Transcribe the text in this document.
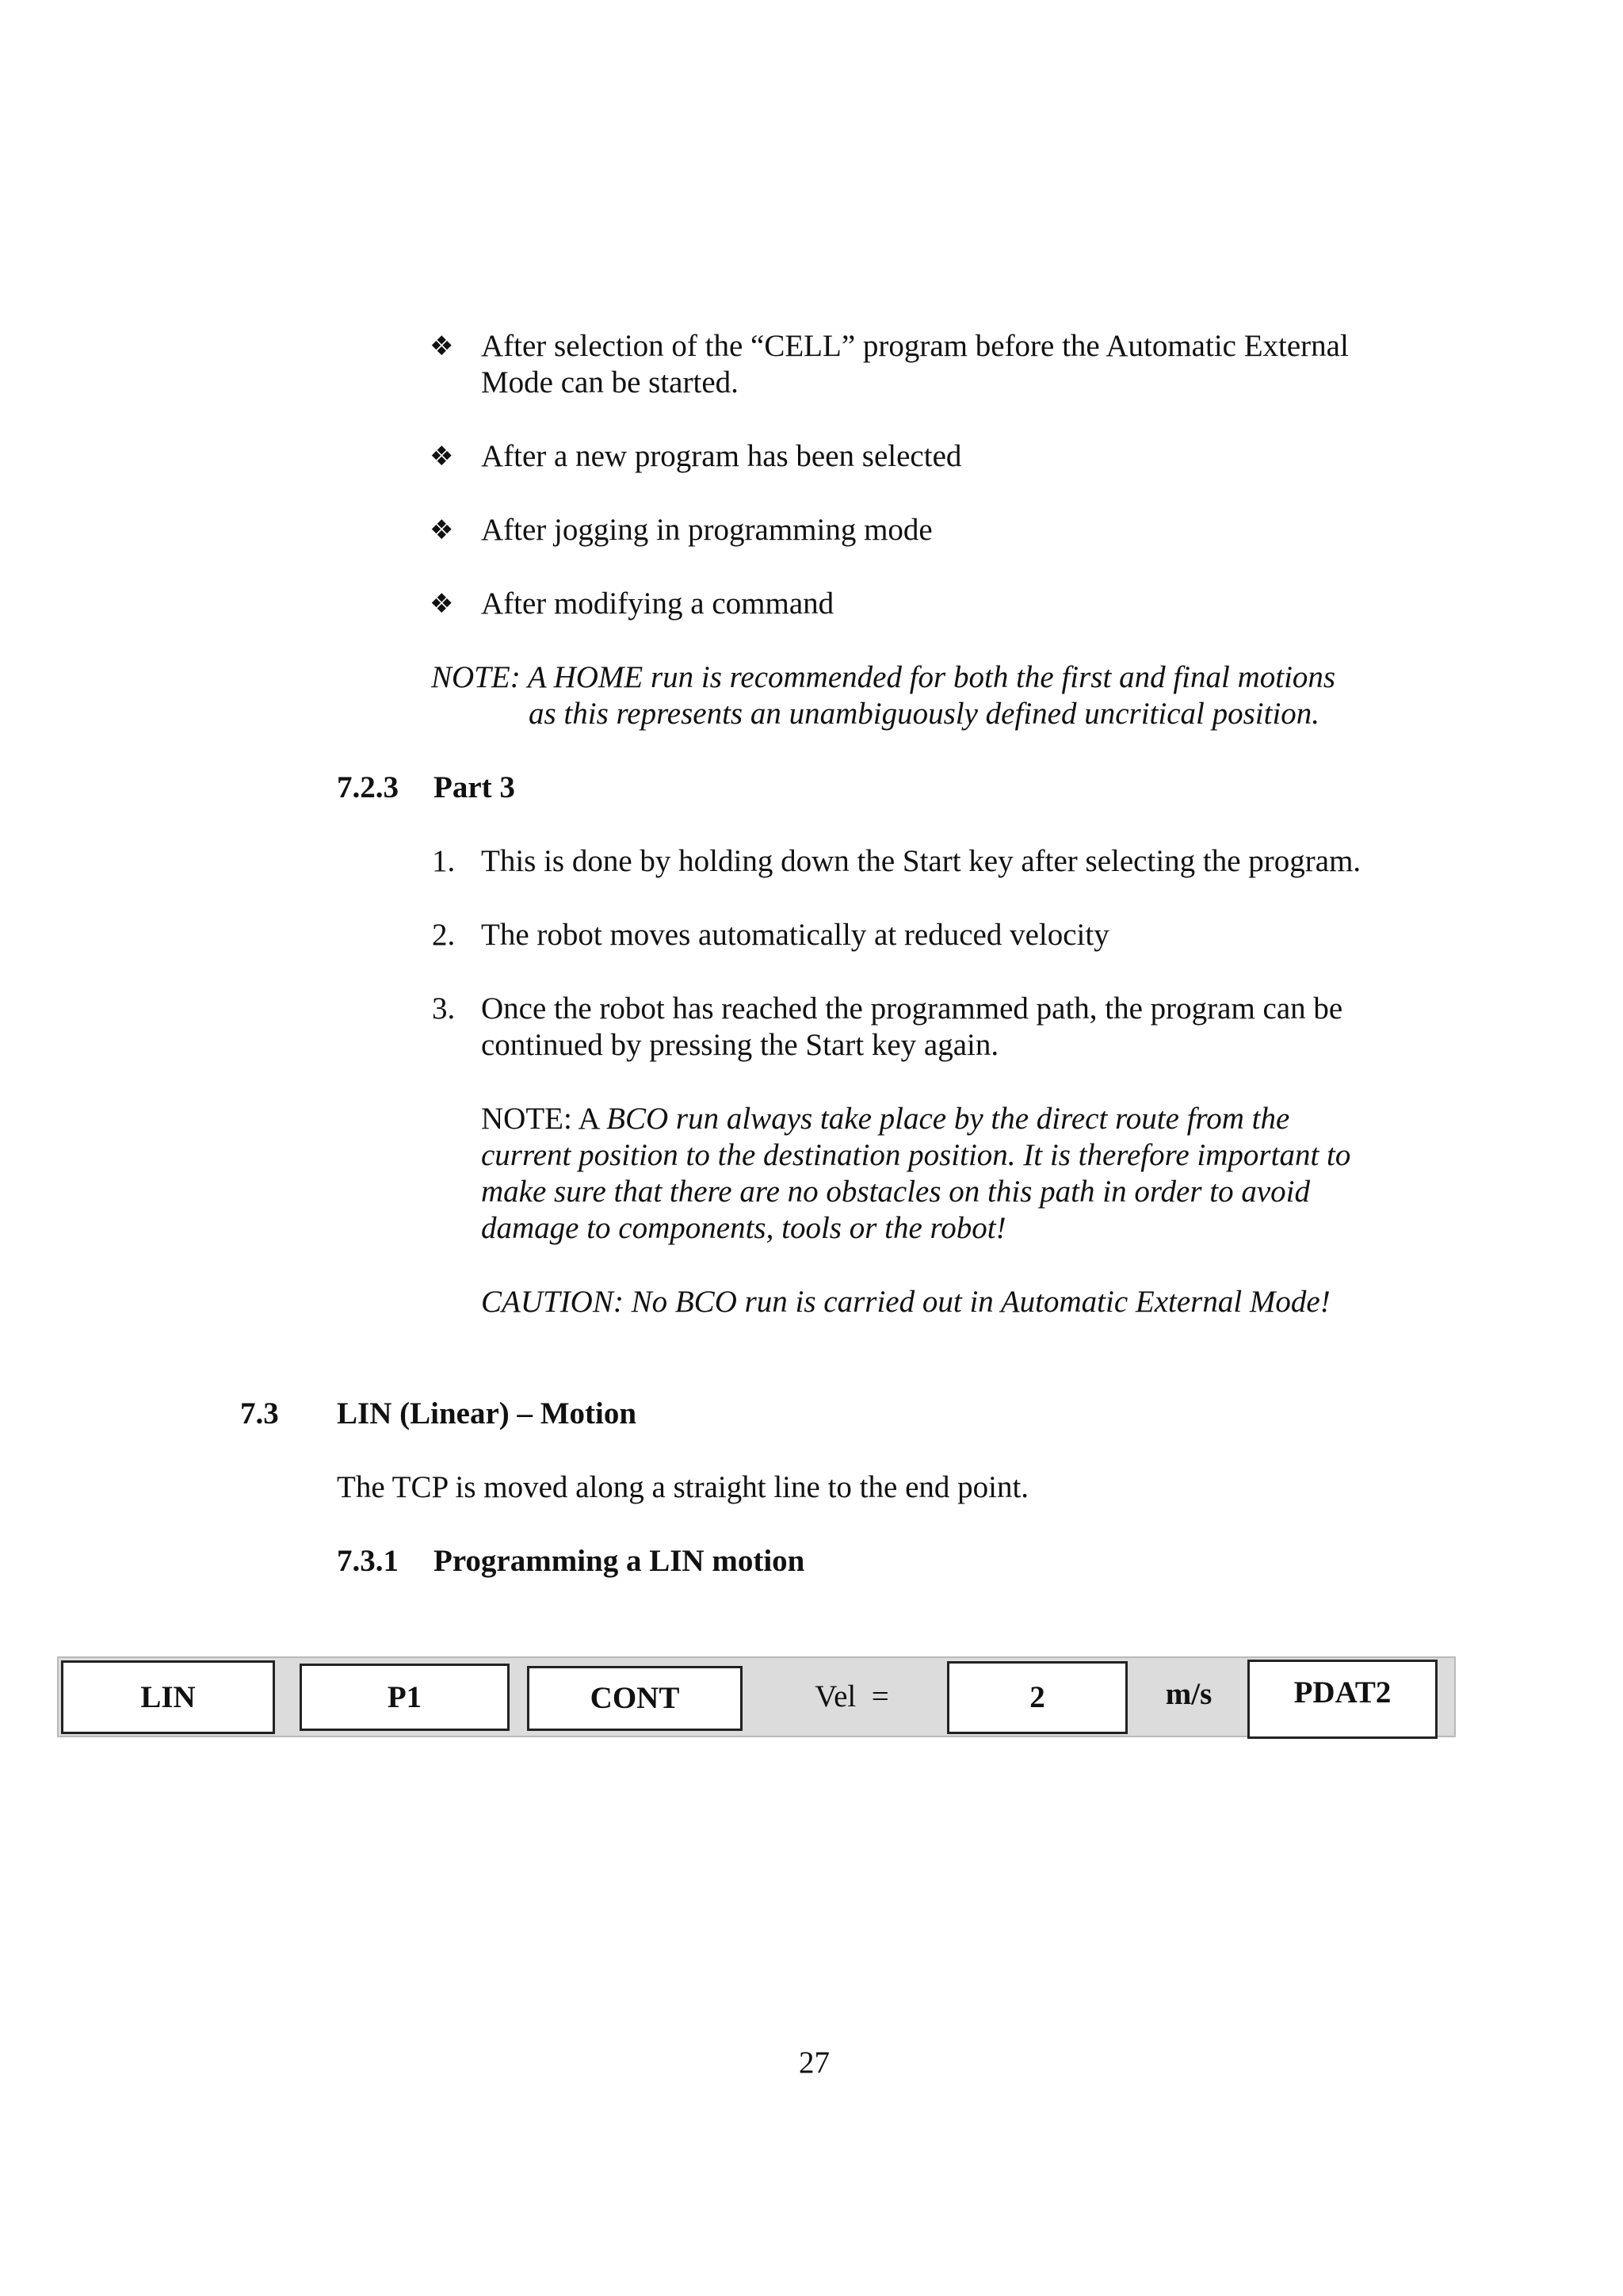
❖ After selection of the “CELL” program before the Automatic External
Mode can be started.
❖ After a new program has been selected
❖ After jogging in programming mode
❖ After modifying a command
NOTE: A HOME run is recommended for both the first and final motions
as this represents an unambiguously defined uncritical position.
7.2.3 Part 3
1. This is done by holding down the Start key after selecting the program.
2. The robot moves automatically at reduced velocity
3. Once the robot has reached the programmed path, the program can be
continued by pressing the Start key again.
NOTE: A BCO run always take place by the direct route from the
current position to the destination position. It is therefore important to
make sure that there are no obstacles on this path in order to avoid
damage to components, tools or the robot!
CAUTION: No BCO run is carried out in Automatic External Mode!
7.3 LIN (Linear) – Motion
The TCP is moved along a straight line to the end point.
7.3.1 Programming a LIN motion
LIN	P1	CONT	Vel  =	2	m/s	PDAT2
27
